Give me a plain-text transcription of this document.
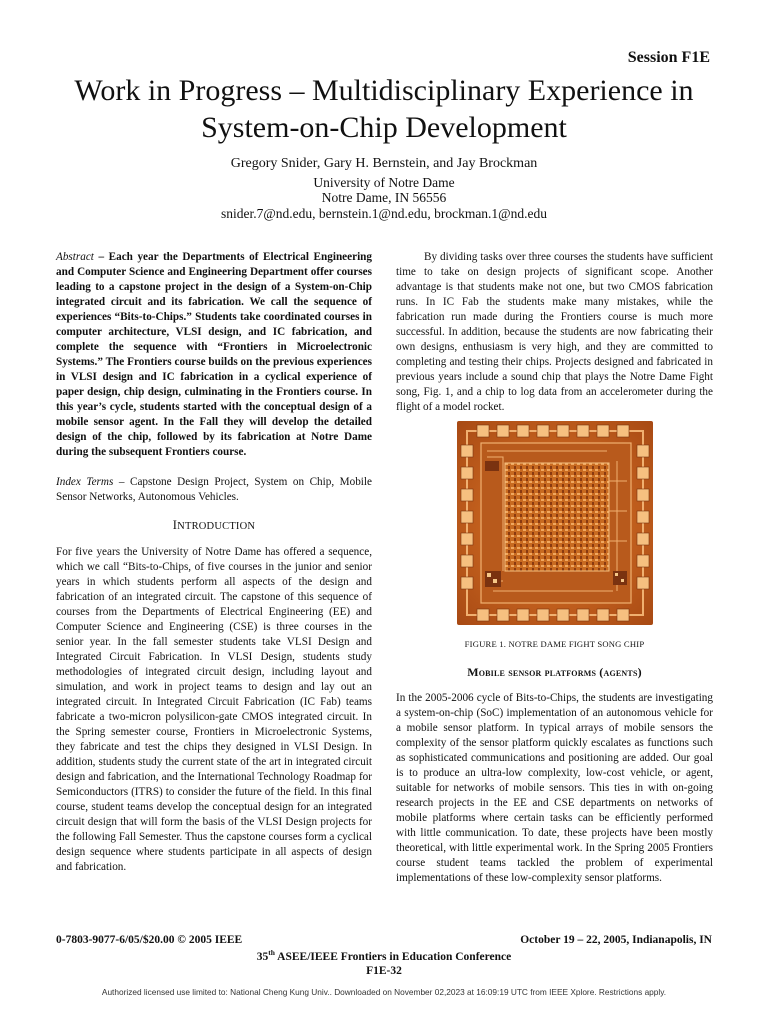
Session F1E
Work in Progress – Multidisciplinary Experience in
System-on-Chip Development
Gregory Snider, Gary H. Bernstein, and Jay Brockman
University of Notre Dame
Notre Dame, IN 56556
snider.7@nd.edu, bernstein.1@nd.edu, brockman.1@nd.edu

Abstract – Each year the Departments of Electrical Engineering and Computer Science and Engineering Department offer courses leading to a capstone project in the design of a System-on-Chip integrated circuit and its fabrication. We call the sequence of experiences “Bits-to-Chips.” Students take coordinated courses in computer architecture, VLSI design, and IC fabrication, and complete the sequence with “Frontiers in Microelectronic Systems.” The Frontiers course builds on the previous experiences in VLSI design and IC fabrication in a cyclical experience of paper design, chip design, culminating in the Frontiers course. In this year’s cycle, students started with the conceptual design of a mobile sensor agent. In the Fall they will develop the detailed design of the chip, followed by its fabrication at Notre Dame during the subsequent Frontiers course.

Index Terms – Capstone Design Project, System on Chip, Mobile Sensor Networks, Autonomous Vehicles.

INTRODUCTION

For five years the University of Notre Dame has offered a sequence, which we call “Bits-to-Chips, of five courses in the junior and senior years in which students perform all aspects of the design and fabrication of an integrated circuit. The capstone of this sequence of courses from the Departments of Electrical Engineering (EE) and Computer Science and Engineering (CSE) is three courses in the senior year. In the fall semester students take VLSI Design and Integrated Circuit Fabrication. In VLSI Design, students study methodologies of integrated circuit design, including layout and simulation, and work in project teams to design and lay out an integrated circuit. In Integrated Circuit Fabrication (IC Fab) teams fabricate a two-micron polysilicon-gate CMOS integrated circuit. In the Spring semester course, Frontiers in Microelectronic Systems, they fabricate and test the chips they designed in VLSI Design. In addition, students study the current state of the art in integrated circuit design and fabrication, and the International Technology Roadmap for Semiconductors (ITRS) to consider the future of the field. In this final course, student teams develop the conceptual design for an integrated circuit design that will form the basis of the VLSI Design projects for the following Fall Semester. Thus the capstone courses form a cyclical design sequence where students participate in all aspects of design and fabrication.

By dividing tasks over three courses the students have sufficient time to take on design projects of significant scope. Another advantage is that students make not one, but two CMOS fabrication runs. In IC Fab the students make many mistakes, while the fabrication run made during the Frontiers course is much more successful. In addition, because the students are now fabricating their own designs, enthusiasm is very high, and they are committed to completing and testing their chips. Projects designed and fabricated in previous years include a sound chip that plays the Notre Dame Fight song, Fig. 1, and a chip to log data from an accelerometer during the flight of a model rocket.

FIGURE 1. NOTRE DAME FIGHT SONG CHIP

Mobile sensor platforms (agents)

In the 2005-2006 cycle of Bits-to-Chips, the students are investigating a system-on-chip (SoC) implementation of an autonomous vehicle for a mobile sensor platform. In typical arrays of mobile sensors the complexity of the sensor platform quickly escalates as functions such as sophisticated communications and positioning are added. Our goal is to produce an ultra-low complexity, low-cost vehicle, or agent, suitable for networks of mobile sensors. This ties in with on-going research projects in the EE and CSE departments on networks of mobile platforms where certain tasks can be efficiently performed with little communication. To date, these projects have been mostly theoretical, with little experimental work. In the Spring 2005 Frontiers course student teams tackled the problem of experimental implementations of these low-complexity sensor platforms.

0-7803-9077-6/05/$20.00 © 2005 IEEE	October 19 – 22, 2005, Indianapolis, IN
35th ASEE/IEEE Frontiers in Education Conference
F1E-32
Authorized licensed use limited to: National Cheng Kung Univ.. Downloaded on November 02,2023 at 16:09:19 UTC from IEEE Xplore. Restrictions apply.
